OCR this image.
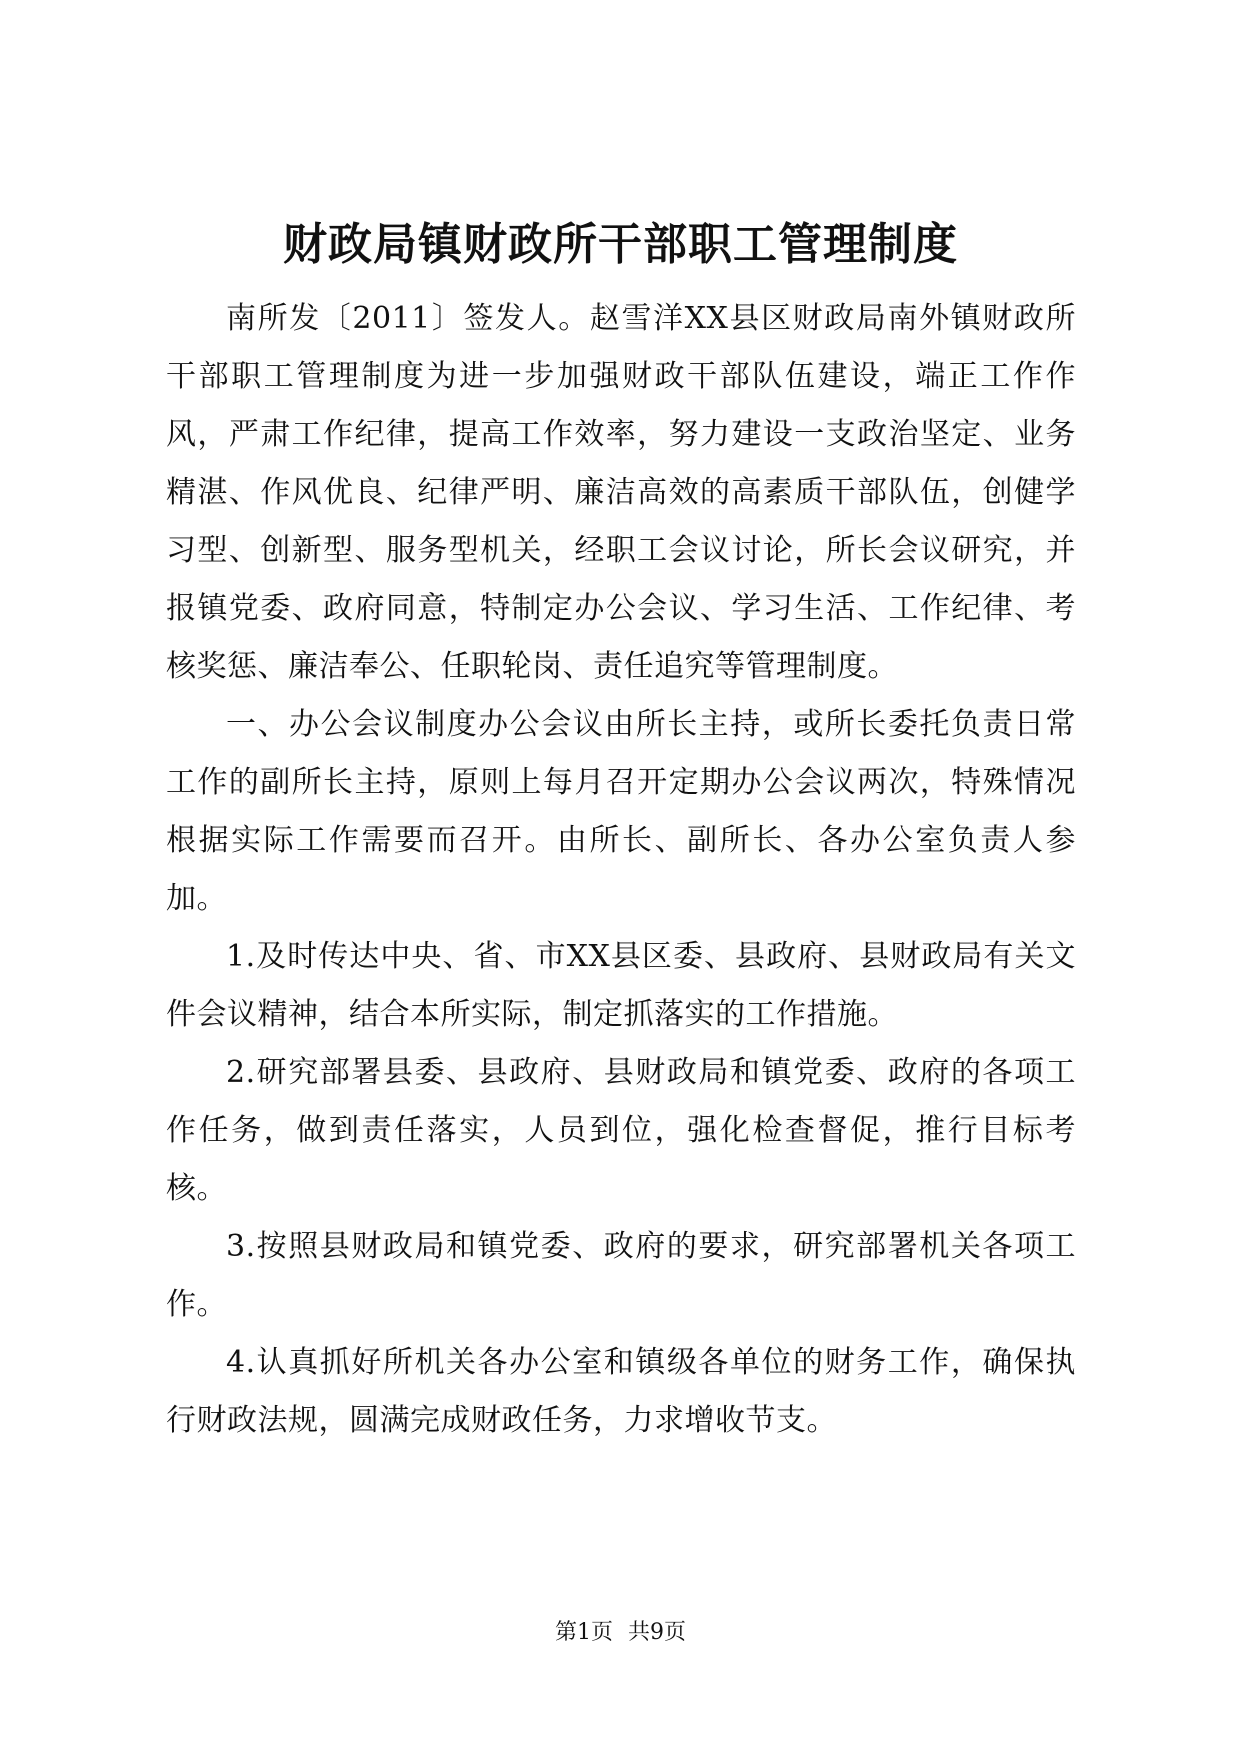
财政局镇财政所干部职工管理制度

南所发〔2011〕签发人。赵雪洋XX县区财政局南外镇财政所干部职工管理制度为进一步加强财政干部队伍建设，端正工作作风，严肃工作纪律，提高工作效率，努力建设一支政治坚定、业务精湛、作风优良、纪律严明、廉洁高效的高素质干部队伍，创健学习型、创新型、服务型机关，经职工会议讨论，所长会议研究，并报镇党委、政府同意，特制定办公会议、学习生活、工作纪律、考核奖惩、廉洁奉公、任职轮岗、责任追究等管理制度。

一、办公会议制度办公会议由所长主持，或所长委托负责日常工作的副所长主持，原则上每月召开定期办公会议两次，特殊情况根据实际工作需要而召开。由所长、副所长、各办公室负责人参加。

1.及时传达中央、省、市XX县区委、县政府、县财政局有关文件会议精神，结合本所实际，制定抓落实的工作措施。

2.研究部署县委、县政府、县财政局和镇党委、政府的各项工作任务，做到责任落实，人员到位，强化检查督促，推行目标考核。

3.按照县财政局和镇党委、政府的要求，研究部署机关各项工作。

4.认真抓好所机关各办公室和镇级各单位的财务工作，确保执行财政法规，圆满完成财政任务，力求增收节支。

第1页 共9页
